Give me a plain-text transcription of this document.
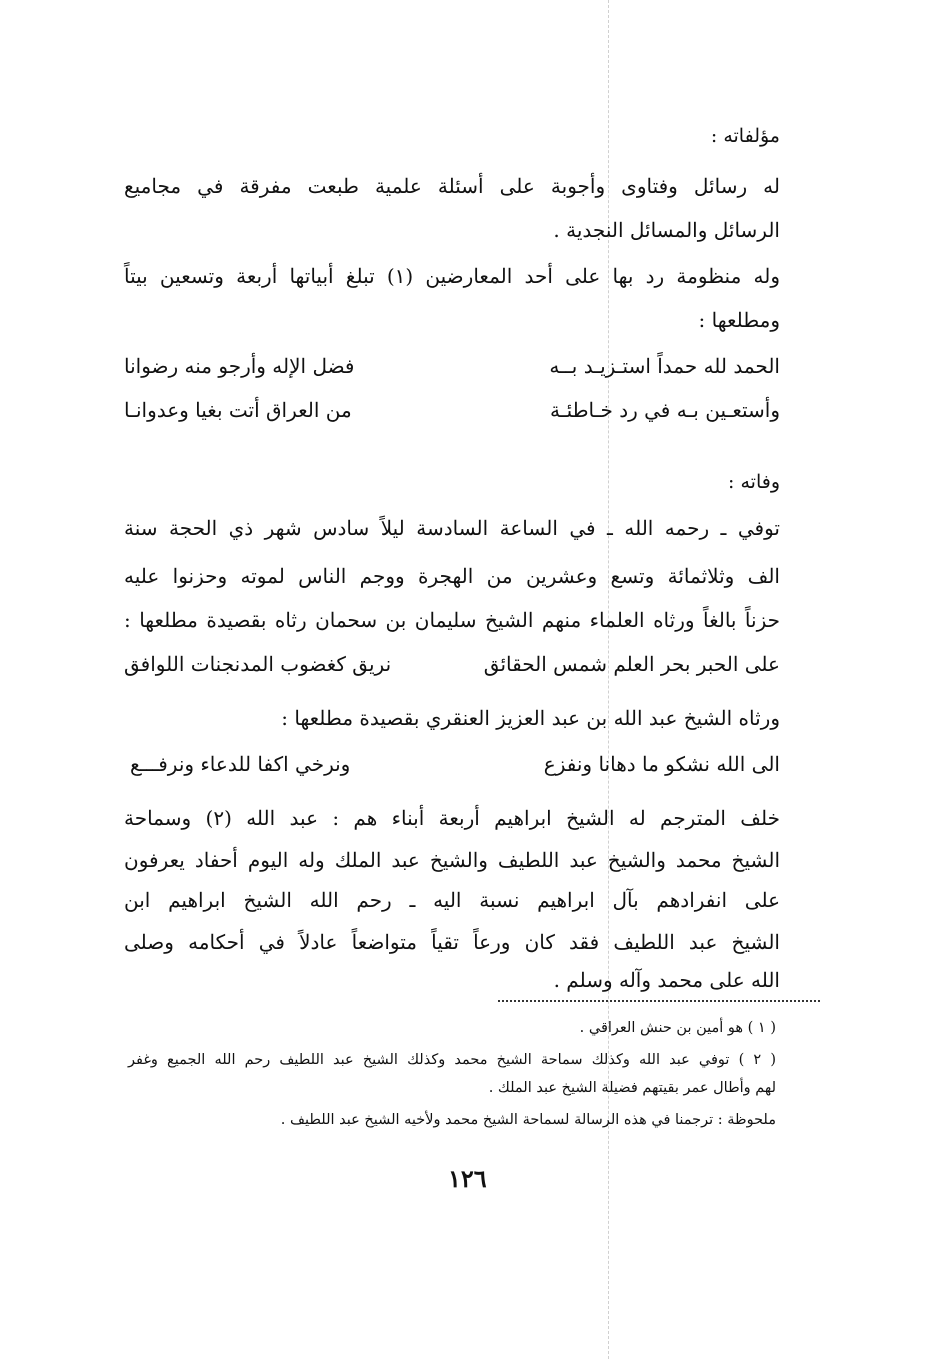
مؤلفاته :
له رسائل وفتاوى وأجوبة على أسئلة علمية طبعت مفرقة في مجاميع
الرسائل والمسائل النجدية .
وله منظومة رد بها على أحد المعارضين (١) تبلغ أبياتها أربعة وتسعين بيتاً
ومطلعها :
الحمد لله حمداً استـزيـد بــه
فضل الإله وأرجو منه رضوانا
وأستعـين بـه في رد خـاطئـة
من العراق أتت بغيا وعدوانـا
وفاته :
توفي ـ رحمه الله ـ في الساعة السادسة ليلاً سادس شهر ذي الحجة سنة
الف وثلاثمائة وتسع وعشرين من الهجرة ووجم الناس لموته وحزنوا عليه
حزناً بالغاً ورثاه العلماء منهم الشيخ سليمان بن سحمان رثاه بقصيدة مطلعها :
على الحبر بحر العلم شمس الحقائق
نريق كغضوب المدنجنات اللوافق
ورثاه الشيخ عبد الله بن عبد العزيز العنقري بقصيدة مطلعها :
الى الله نشكو ما دهانا ونفزع
ونرخي اكفا للدعاء ونرفـــع
خلف المترجم له الشيخ ابراهيم أربعة أبناء هم : عبد الله (٢) وسماحة
الشيخ محمد والشيخ عبد اللطيف والشيخ عبد الملك وله اليوم أحفاد يعرفون
على انفرادهم بآل ابراهيم نسبة اليه ـ رحم الله الشيخ ابراهيم ابن
الشيخ عبد اللطيف فقد كان ورعاً تقياً متواضعاً عادلاً في أحكامه وصلى
الله على محمد وآله وسلم .
( ١ ) هو أمين بن حنش العراقي .
( ٢ ) توفي عبد الله وكذلك سماحة الشيخ محمد وكذلك الشيخ عبد اللطيف رحم الله الجميع وغفر
لهم وأطال عمر بقيتهم فضيلة الشيخ عبد الملك .
ملحوظة : ترجمنا في هذه الرسالة لسماحة الشيخ محمد ولأخيه الشيخ عبد اللطيف .
١٢٦
